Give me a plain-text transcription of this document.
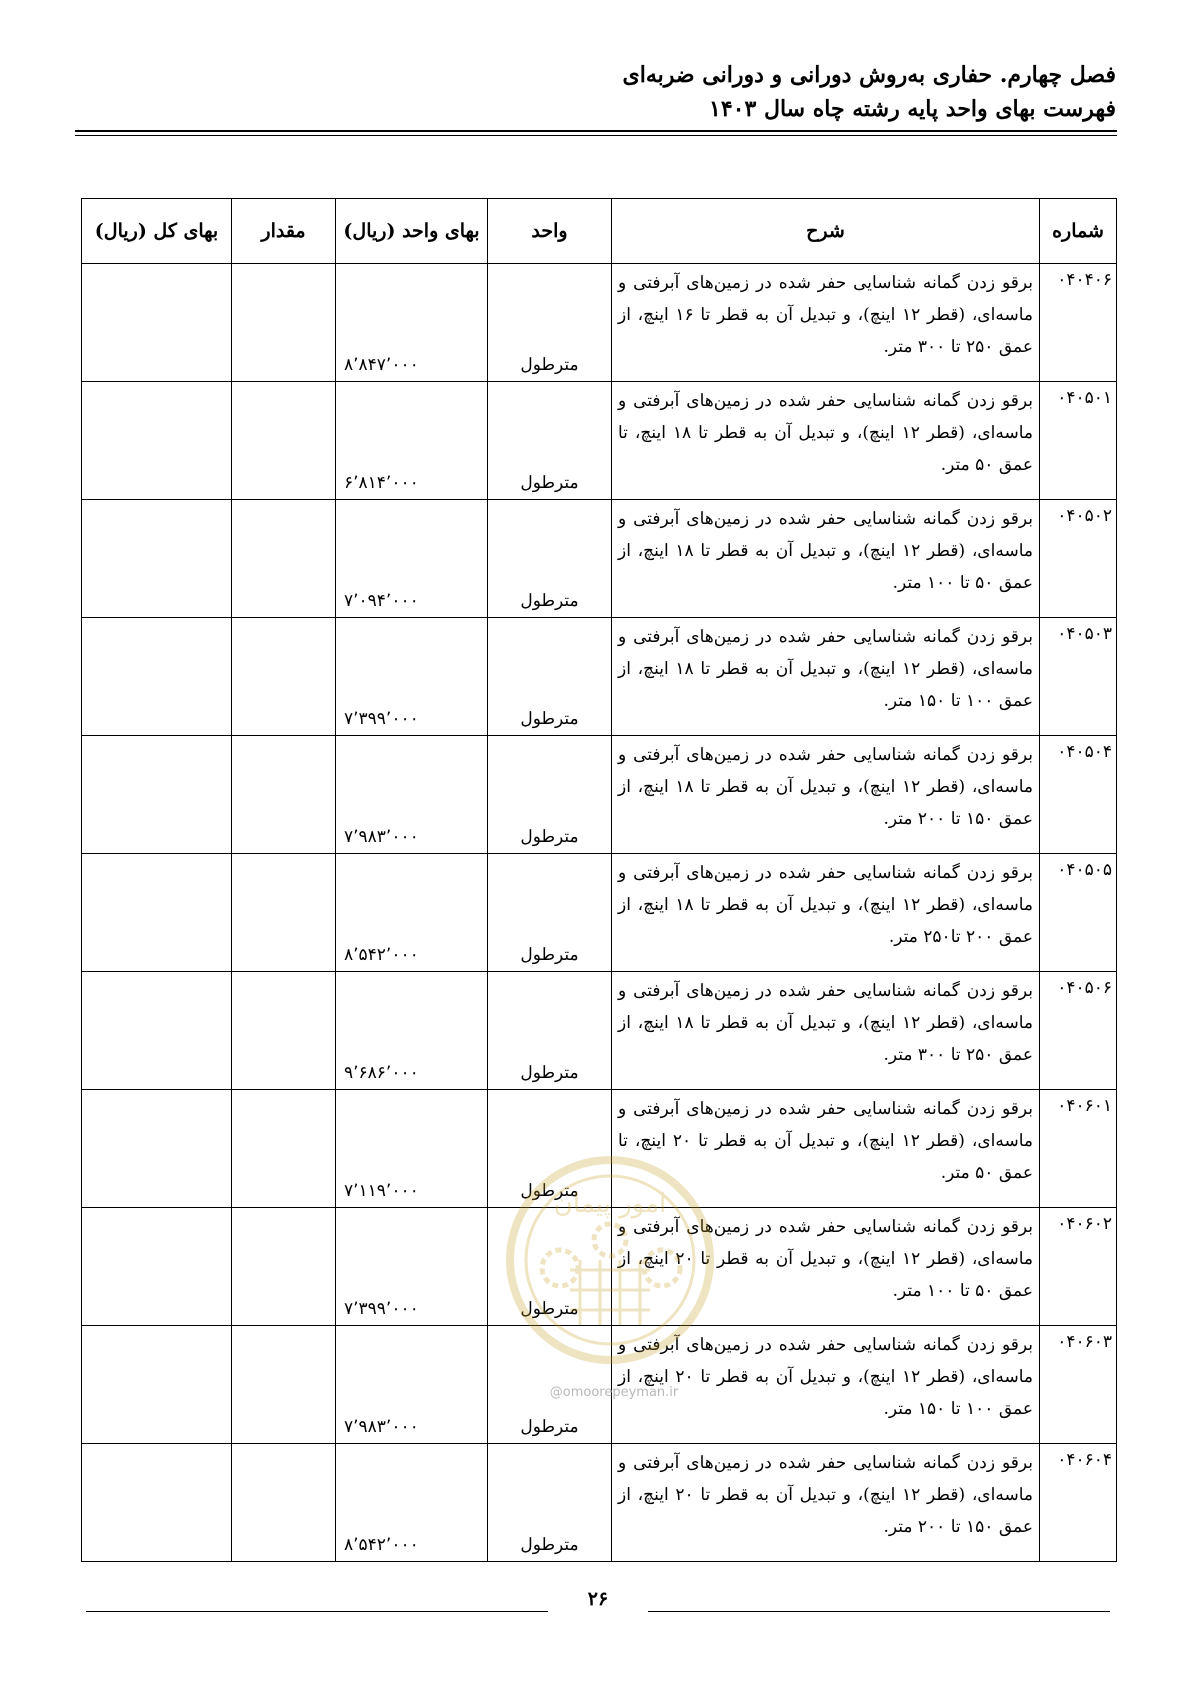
فصل چهارم. حفاری به‌روش دورانی و دورانی ضربه‌ای
فهرست بهای واحد پایه رشته چاه سال ۱۴۰۳
شماره	شرح	واحد	بهای واحد (ریال)	مقدار	بهای کل (ریال)
۰۴۰۴۰۶	برقو زدن گمانه شناسایی حفر شده در زمین‌های آبرفتی و ماسه‌ای، (قطر ۱۲ اینچ)، و تبدیل آن به قطر تا ۱۶ اینچ، از عمق ۲۵۰ تا ۳۰۰ متر.	مترطول	۸٬۸۴۷٬۰۰۰		
۰۴۰۵۰۱	برقو زدن گمانه شناسایی حفر شده در زمین‌های آبرفتی و ماسه‌ای، (قطر ۱۲ اینچ)، و تبدیل آن به قطر تا ۱۸ اینچ، تا عمق ۵۰ متر.	مترطول	۶٬۸۱۴٬۰۰۰		
۰۴۰۵۰۲	برقو زدن گمانه شناسایی حفر شده در زمین‌های آبرفتی و ماسه‌ای، (قطر ۱۲ اینچ)، و تبدیل آن به قطر تا ۱۸ اینچ، از عمق ۵۰ تا ۱۰۰ متر.	مترطول	۷٬۰۹۴٬۰۰۰		
۰۴۰۵۰۳	برقو زدن گمانه شناسایی حفر شده در زمین‌های آبرفتی و ماسه‌ای، (قطر ۱۲ اینچ)، و تبدیل آن به قطر تا ۱۸ اینچ، از عمق ۱۰۰ تا ۱۵۰ متر.	مترطول	۷٬۳۹۹٬۰۰۰		
۰۴۰۵۰۴	برقو زدن گمانه شناسایی حفر شده در زمین‌های آبرفتی و ماسه‌ای، (قطر ۱۲ اینچ)، و تبدیل آن به قطر تا ۱۸ اینچ، از عمق ۱۵۰ تا ۲۰۰ متر.	مترطول	۷٬۹۸۳٬۰۰۰		
۰۴۰۵۰۵	برقو زدن گمانه شناسایی حفر شده در زمین‌های آبرفتی و ماسه‌ای، (قطر ۱۲ اینچ)، و تبدیل آن به قطر تا ۱۸ اینچ، از عمق ۲۰۰ تا۲۵۰ متر.	مترطول	۸٬۵۴۲٬۰۰۰		
۰۴۰۵۰۶	برقو زدن گمانه شناسایی حفر شده در زمین‌های آبرفتی و ماسه‌ای، (قطر ۱۲ اینچ)، و تبدیل آن به قطر تا ۱۸ اینچ، از عمق ۲۵۰ تا ۳۰۰ متر.	مترطول	۹٬۶۸۶٬۰۰۰		
۰۴۰۶۰۱	برقو زدن گمانه شناسایی حفر شده در زمین‌های آبرفتی و ماسه‌ای، (قطر ۱۲ اینچ)، و تبدیل آن به قطر تا ۲۰ اینچ، تا عمق ۵۰ متر.	مترطول	۷٬۱۱۹٬۰۰۰		
۰۴۰۶۰۲	برقو زدن گمانه شناسایی حفر شده در زمین‌های آبرفتی و ماسه‌ای، (قطر ۱۲ اینچ)، و تبدیل آن به قطر تا ۲۰ اینچ، از عمق ۵۰ تا ۱۰۰ متر.	مترطول	۷٬۳۹۹٬۰۰۰		
۰۴۰۶۰۳	برقو زدن گمانه شناسایی حفر شده در زمین‌های آبرفتی و ماسه‌ای، (قطر ۱۲ اینچ)، و تبدیل آن به قطر تا ۲۰ اینچ، از عمق ۱۰۰ تا ۱۵۰ متر.	مترطول	۷٬۹۸۳٬۰۰۰		
۰۴۰۶۰۴	برقو زدن گمانه شناسایی حفر شده در زمین‌های آبرفتی و ماسه‌ای، (قطر ۱۲ اینچ)، و تبدیل آن به قطر تا ۲۰ اینچ، از عمق ۱۵۰ تا ۲۰۰ متر.	مترطول	۸٬۵۴۲٬۰۰۰		
امور پیمان
@omoorepeyman.ir
۲۶
